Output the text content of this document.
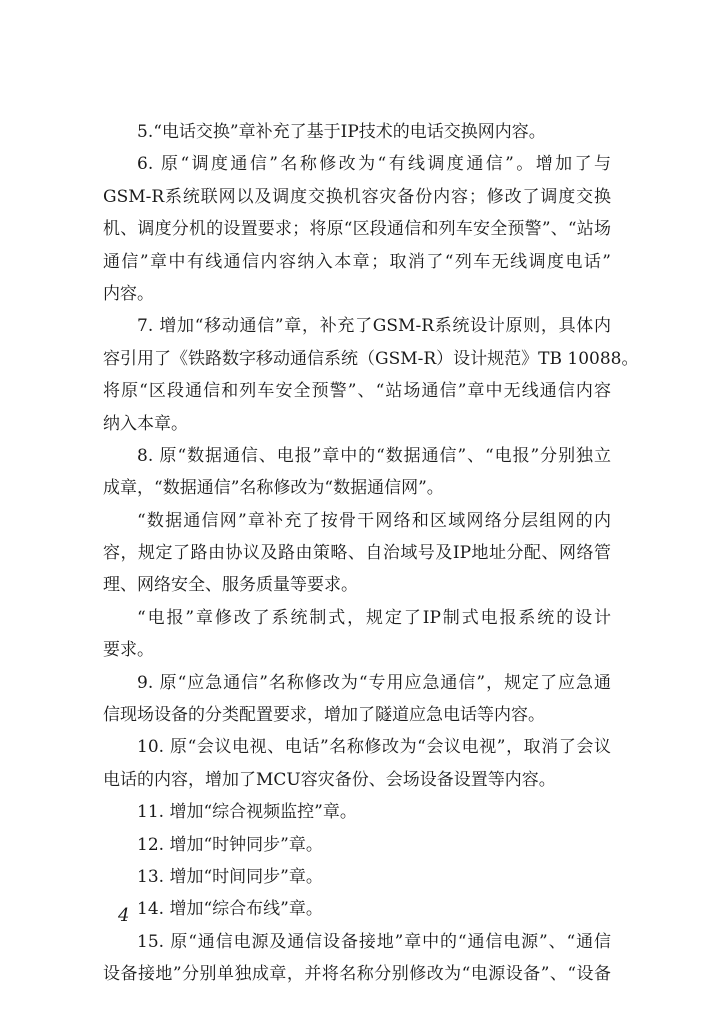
5.“电话交换”章补充了基于IP技术的电话交换网内容。
6. 原“调度通信”名称修改为“有线调度通信”。增加了与
GSM-R系统联网以及调度交换机容灾备份内容；修改了调度交换
机、调度分机的设置要求；将原“区段通信和列车安全预警”、“站场
通信”章中有线通信内容纳入本章；取消了“列车无线调度电话”
内容。
7. 增加“移动通信”章，补充了GSM-R系统设计原则，具体内
容引用了《铁路数字移动通信系统（GSM-R）设计规范》TB 10088。
将原“区段通信和列车安全预警”、“站场通信”章中无线通信内容
纳入本章。
8. 原“数据通信、电报”章中的“数据通信”、“电报”分别独立
成章，“数据通信”名称修改为“数据通信网”。
“数据通信网”章补充了按骨干网络和区域网络分层组网的内
容，规定了路由协议及路由策略、自治域号及IP地址分配、网络管
理、网络安全、服务质量等要求。
“电报”章修改了系统制式，规定了IP制式电报系统的设计
要求。
9. 原“应急通信”名称修改为“专用应急通信”，规定了应急通
信现场设备的分类配置要求，增加了隧道应急电话等内容。
10. 原“会议电视、电话”名称修改为“会议电视”，取消了会议
电话的内容，增加了MCU容灾备份、会场设备设置等内容。
11. 增加“综合视频监控”章。
12. 增加“时钟同步”章。
13. 增加“时间同步”章。
14. 增加“综合布线”章。
15. 原“通信电源及通信设备接地”章中的“通信电源”、“通信
设备接地”分别单独成章，并将名称分别修改为“电源设备”、“设备
4
